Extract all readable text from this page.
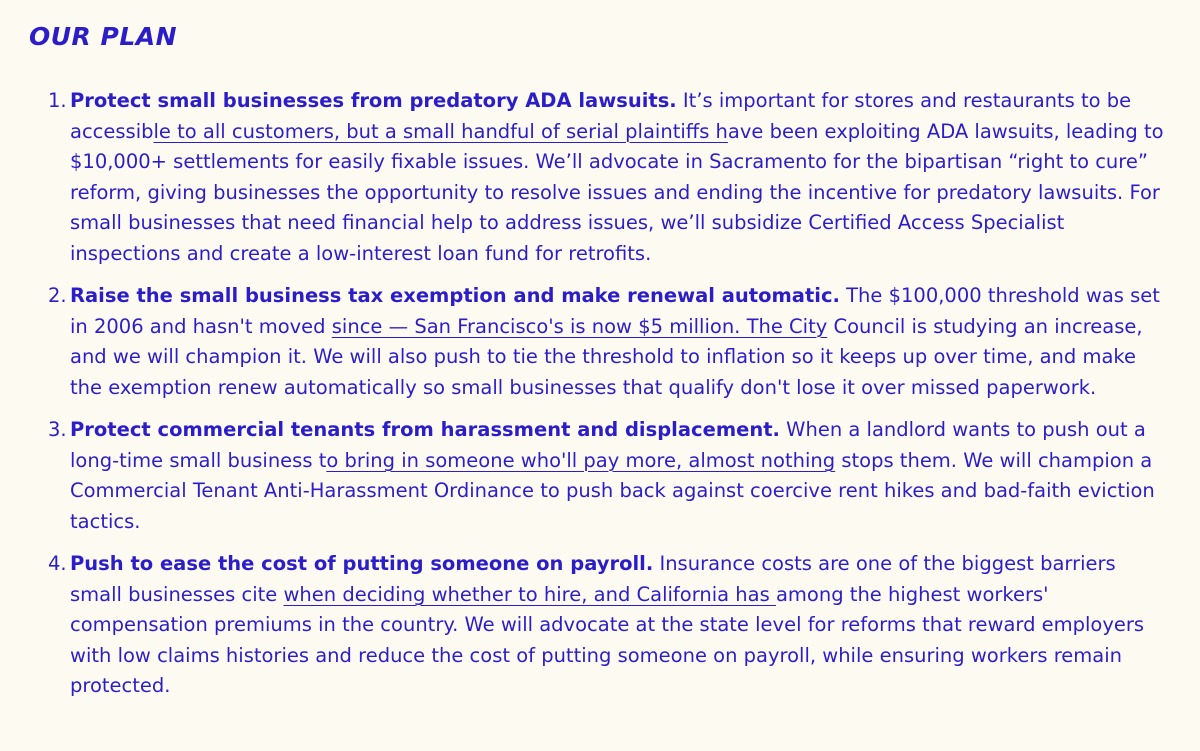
OUR PLAN
1. Protect small businesses from predatory ADA lawsuits. It’s important for stores and restaurants to be accessible to all customers, but a small handful of serial plaintiffs have been exploiting ADA lawsuits, leading to $10,000+ settlements for easily fixable issues. We’ll advocate in Sacramento for the bipartisan “right to cure” reform, giving businesses the opportunity to resolve issues and ending the incentive for predatory lawsuits. For small businesses that need financial help to address issues, we’ll subsidize Certified Access Specialist inspections and create a low-interest loan fund for retrofits.
2. Raise the small business tax exemption and make renewal automatic. The $100,000 threshold was set in 2006 and hasn't moved since — San Francisco's is now $5 million. The City Council is studying an increase, and we will champion it. We will also push to tie the threshold to inflation so it keeps up over time, and make the exemption renew automatically so small businesses that qualify don't lose it over missed paperwork.
3. Protect commercial tenants from harassment and displacement. When a landlord wants to push out a long-time small business to bring in someone who'll pay more, almost nothing stops them. We will champion a Commercial Tenant Anti-Harassment Ordinance to push back against coercive rent hikes and bad-faith eviction tactics.
4. Push to ease the cost of putting someone on payroll. Insurance costs are one of the biggest barriers small businesses cite when deciding whether to hire, and California has among the highest workers' compensation premiums in the country. We will advocate at the state level for reforms that reward employers with low claims histories and reduce the cost of putting someone on payroll, while ensuring workers remain protected.
